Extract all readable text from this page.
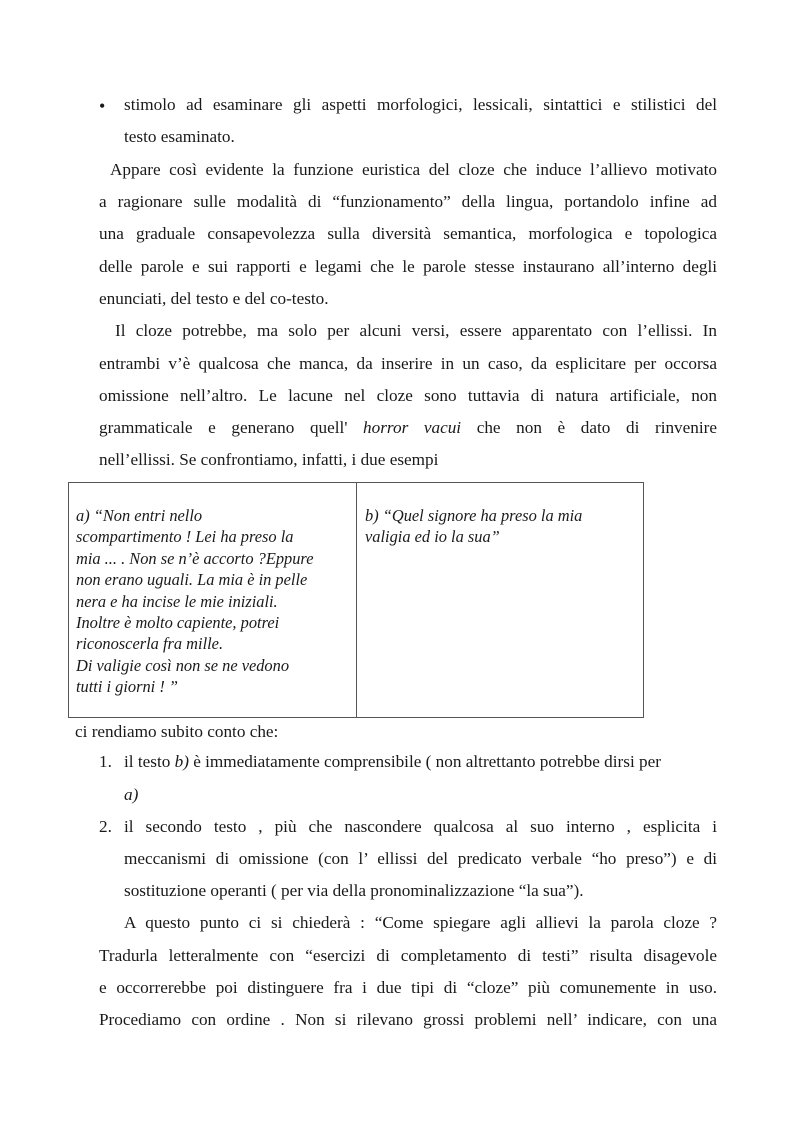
• stimolo ad esaminare gli aspetti morfologici, lessicali, sintattici e stilistici del
testo esaminato.
Appare così evidente la funzione euristica del cloze che induce l’allievo motivato
a ragionare sulle modalità di “funzionamento” della lingua, portandolo infine ad
una graduale consapevolezza sulla diversità semantica, morfologica e topologica
delle parole e sui rapporti e legami che le parole stesse instaurano all’interno degli
enunciati, del testo e del co-testo.
Il cloze potrebbe, ma solo per alcuni versi, essere apparentato con l’ellissi. In
entrambi v’è qualcosa che manca, da inserire in un caso, da esplicitare per occorsa
omissione nell’altro. Le lacune nel cloze sono tuttavia di natura artificiale, non
grammaticale e generano quell' horror vacui che non è dato di rinvenire
nell’ellissi. Se confrontiamo, infatti, i due esempi
a) “Non entri nello
scompartimento ! Lei ha preso la
mia ... . Non se n’è accorto ?Eppure
non erano uguali. La mia è in pelle
nera e ha incise le mie iniziali.
Inoltre è molto capiente, potrei
riconoscerla fra mille.
Di valigie così non se ne vedono
tutti i giorni ! ”
b) “Quel signore ha preso la mia
valigia ed io la sua”
ci rendiamo subito conto che:
1. il testo b) è immediatamente comprensibile ( non altrettanto potrebbe dirsi per
a)
2. il secondo testo , più che nascondere qualcosa al suo interno , esplicita i
meccanismi di omissione (con l’ ellissi del predicato verbale “ho preso”) e di
sostituzione operanti ( per via della pronominalizzazione “la sua”).
A questo punto ci si chiederà : “Come spiegare agli allievi la parola cloze ?
Tradurla letteralmente con “esercizi di completamento di testi” risulta disagevole
e occorrerebbe poi distinguere fra i due tipi di “cloze” più comunemente in uso.
Procediamo con ordine . Non si rilevano grossi problemi nell’ indicare, con una
